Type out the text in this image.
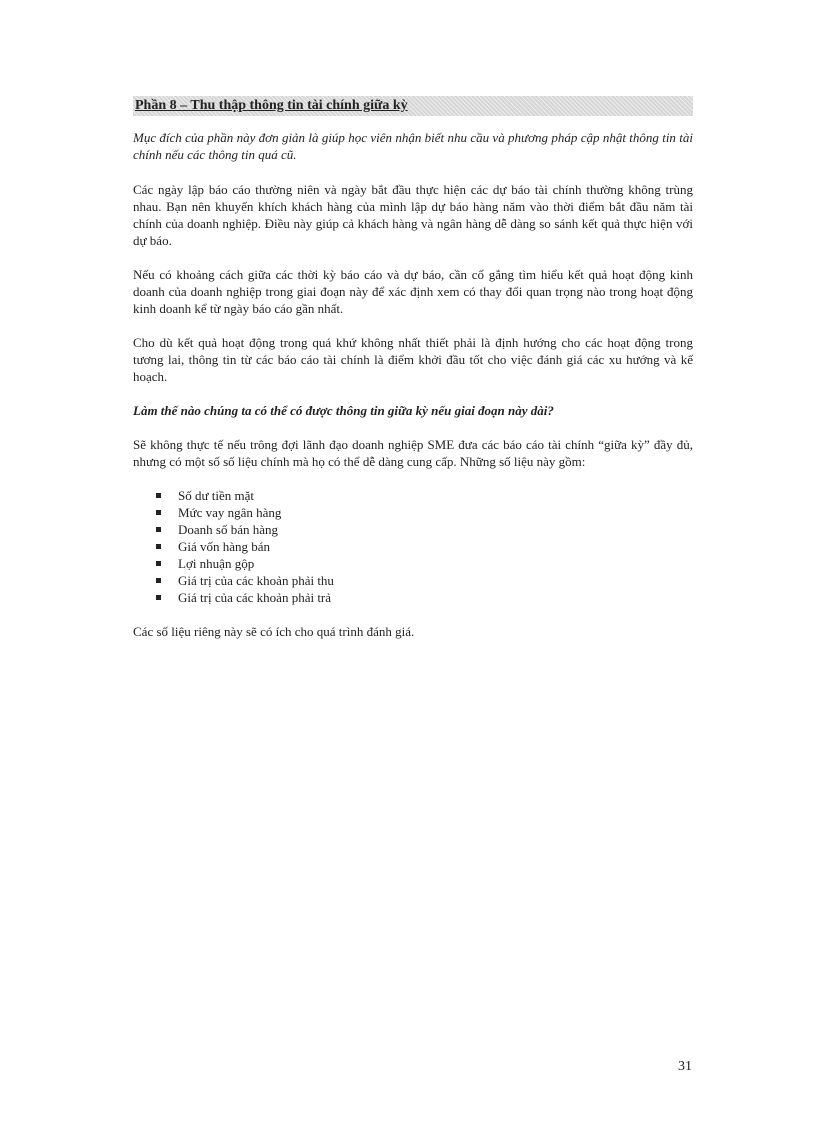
Phần 8 – Thu thập thông tin tài chính giữa kỳ

Mục đích của phần này đơn giản là giúp học viên nhận biết nhu cầu và phương pháp cập nhật thông tin tài chính nếu các thông tin quá cũ.

Các ngày lập báo cáo thường niên và ngày bắt đầu thực hiện các dự báo tài chính thường không trùng nhau. Bạn nên khuyến khích khách hàng của mình lập dự báo hàng năm vào thời điểm bắt đầu năm tài chính của doanh nghiệp. Điều này giúp cả khách hàng và ngân hàng dễ dàng so sánh kết quả thực hiện với dự báo.

Nếu có khoảng cách giữa các thời kỳ báo cáo và dự báo, cần cố gắng tìm hiểu kết quả hoạt động kinh doanh của doanh nghiệp trong giai đoạn này để xác định xem có thay đổi quan trọng nào trong hoạt động kinh doanh kể từ ngày báo cáo gần nhất.

Cho dù kết quả hoạt động trong quá khứ không nhất thiết phải là định hướng cho các hoạt động trong tương lai, thông tin từ các báo cáo tài chính là điểm khởi đầu tốt cho việc đánh giá các xu hướng và kế hoạch.

Làm thế nào chúng ta có thể có được thông tin giữa kỳ nếu giai đoạn này dài?

Sẽ không thực tế nếu trông đợi lãnh đạo doanh nghiệp SME đưa các báo cáo tài chính “giữa kỳ” đầy đủ, nhưng có một số số liệu chính mà họ có thể dễ dàng cung cấp. Những số liệu này gồm:

Số dư tiền mặt
Mức vay ngân hàng
Doanh số bán hàng
Giá vốn hàng bán
Lợi nhuận gộp
Giá trị của các khoản phải thu
Giá trị của các khoản phải trả

Các số liệu riêng này sẽ có ích cho quá trình đánh giá.

31
